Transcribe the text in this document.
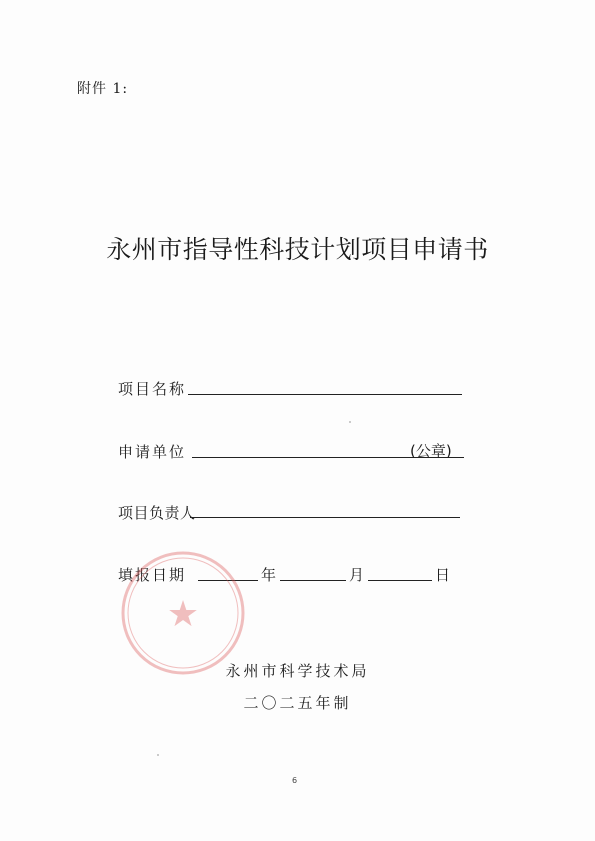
附件 1:
永州市指导性科技计划项目申请书
项目名称
申请单位	(公章)
项目负责人
填报日期	年	月	日
★
永州市科学技术局
二〇二五年制
6
